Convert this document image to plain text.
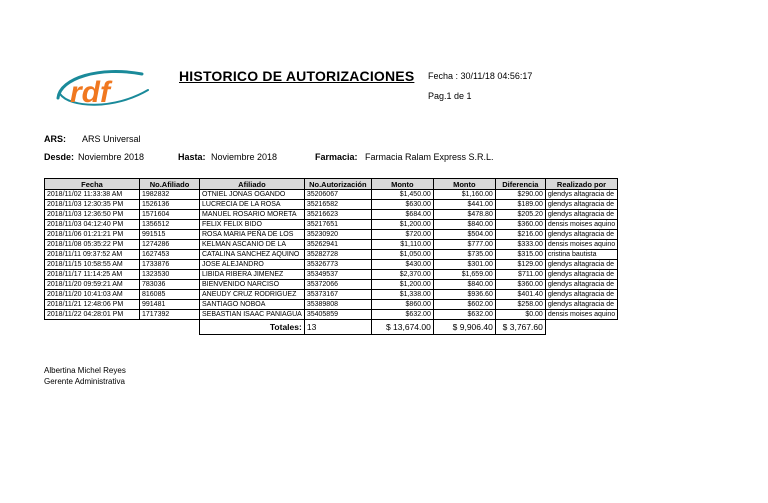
rdf	HISTORICO DE AUTORIZACIONES Fecha : 30/11/18 04:56:17
Pag.1 de 1
ARS: ARS Universal
Desde: Noviembre 2018	Hasta: Noviembre 2018	Farmacia: Farmacia Ralam Express S.R.L.
Fecha	No.Afiliado	Afiliado	No.Autorización	Monto	Monto	Diferencia	Realizado por
2018/11/02 11:33:38 AM	1982832	OTNIEL JONAS OGANDO	35206067	$1,450.00	$1,160.00	$290.00	glendys altagracia de
2018/11/03 12:30:35 PM	1526136	LUCRECIA DE LA ROSA	35216582	$630.00	$441.00	$189.00	glendys altagracia de
2018/11/03 12:36:50 PM	1571604	MANUEL ROSARIO MORETA	35216623	$684.00	$478.80	$205.20	glendys altagracia de
2018/11/03 04:12:40 PM	1356512	FELIX FELIX BIDO	35217651	$1,200.00	$840.00	$360.00	densis moises aquino
2018/11/06 01:21:21 PM	991515	ROSA MARIA PEÑA DE LOS	35230920	$720.00	$504.00	$216.00	glendys altagracia de
2018/11/08 05:35:22 PM	1274286	KELMAN ASCANIO DE LA	35262941	$1,110.00	$777.00	$333.00	densis moises aquino
2018/11/11 09:37:52 AM	1627453	CATALINA SANCHEZ AQUINO	35282728	$1,050.00	$735.00	$315.00	cristina bautista
2018/11/15 10:58:55 AM	1733876	JOSE ALEJANDRO	35326773	$430.00	$301.00	$129.00	glendys altagracia de
2018/11/17 11:14:25 AM	1323530	LIBIDA RIBERA JIMENEZ	35349537	$2,370.00	$1,659.00	$711.00	glendys altagracia de
2018/11/20 09:59:21 AM	783036	BIENVENIDO NARCISO	35372066	$1,200.00	$840.00	$360.00	glendys altagracia de
2018/11/20 10:41:03 AM	816085	ANEUDY CRUZ RODRIGUEZ	35373167	$1,338.00	$936.60	$401.40	glendys altagracia de
2018/11/21 12:48:06 PM	991481	SANTIAGO NOBOA	35389808	$860.00	$602.00	$258.00	glendys altagracia de
2018/11/22 04:28:01 PM	1717392	SEBASTIAN ISAAC PANIAGUA	35405859	$632.00	$632.00	$0.00	densis moises aquino
		Totales:	13	$ 13,674.00	$ 9,906.40	$ 3,767.60	
Albertina Michel Reyes
Gerente Administrativa
